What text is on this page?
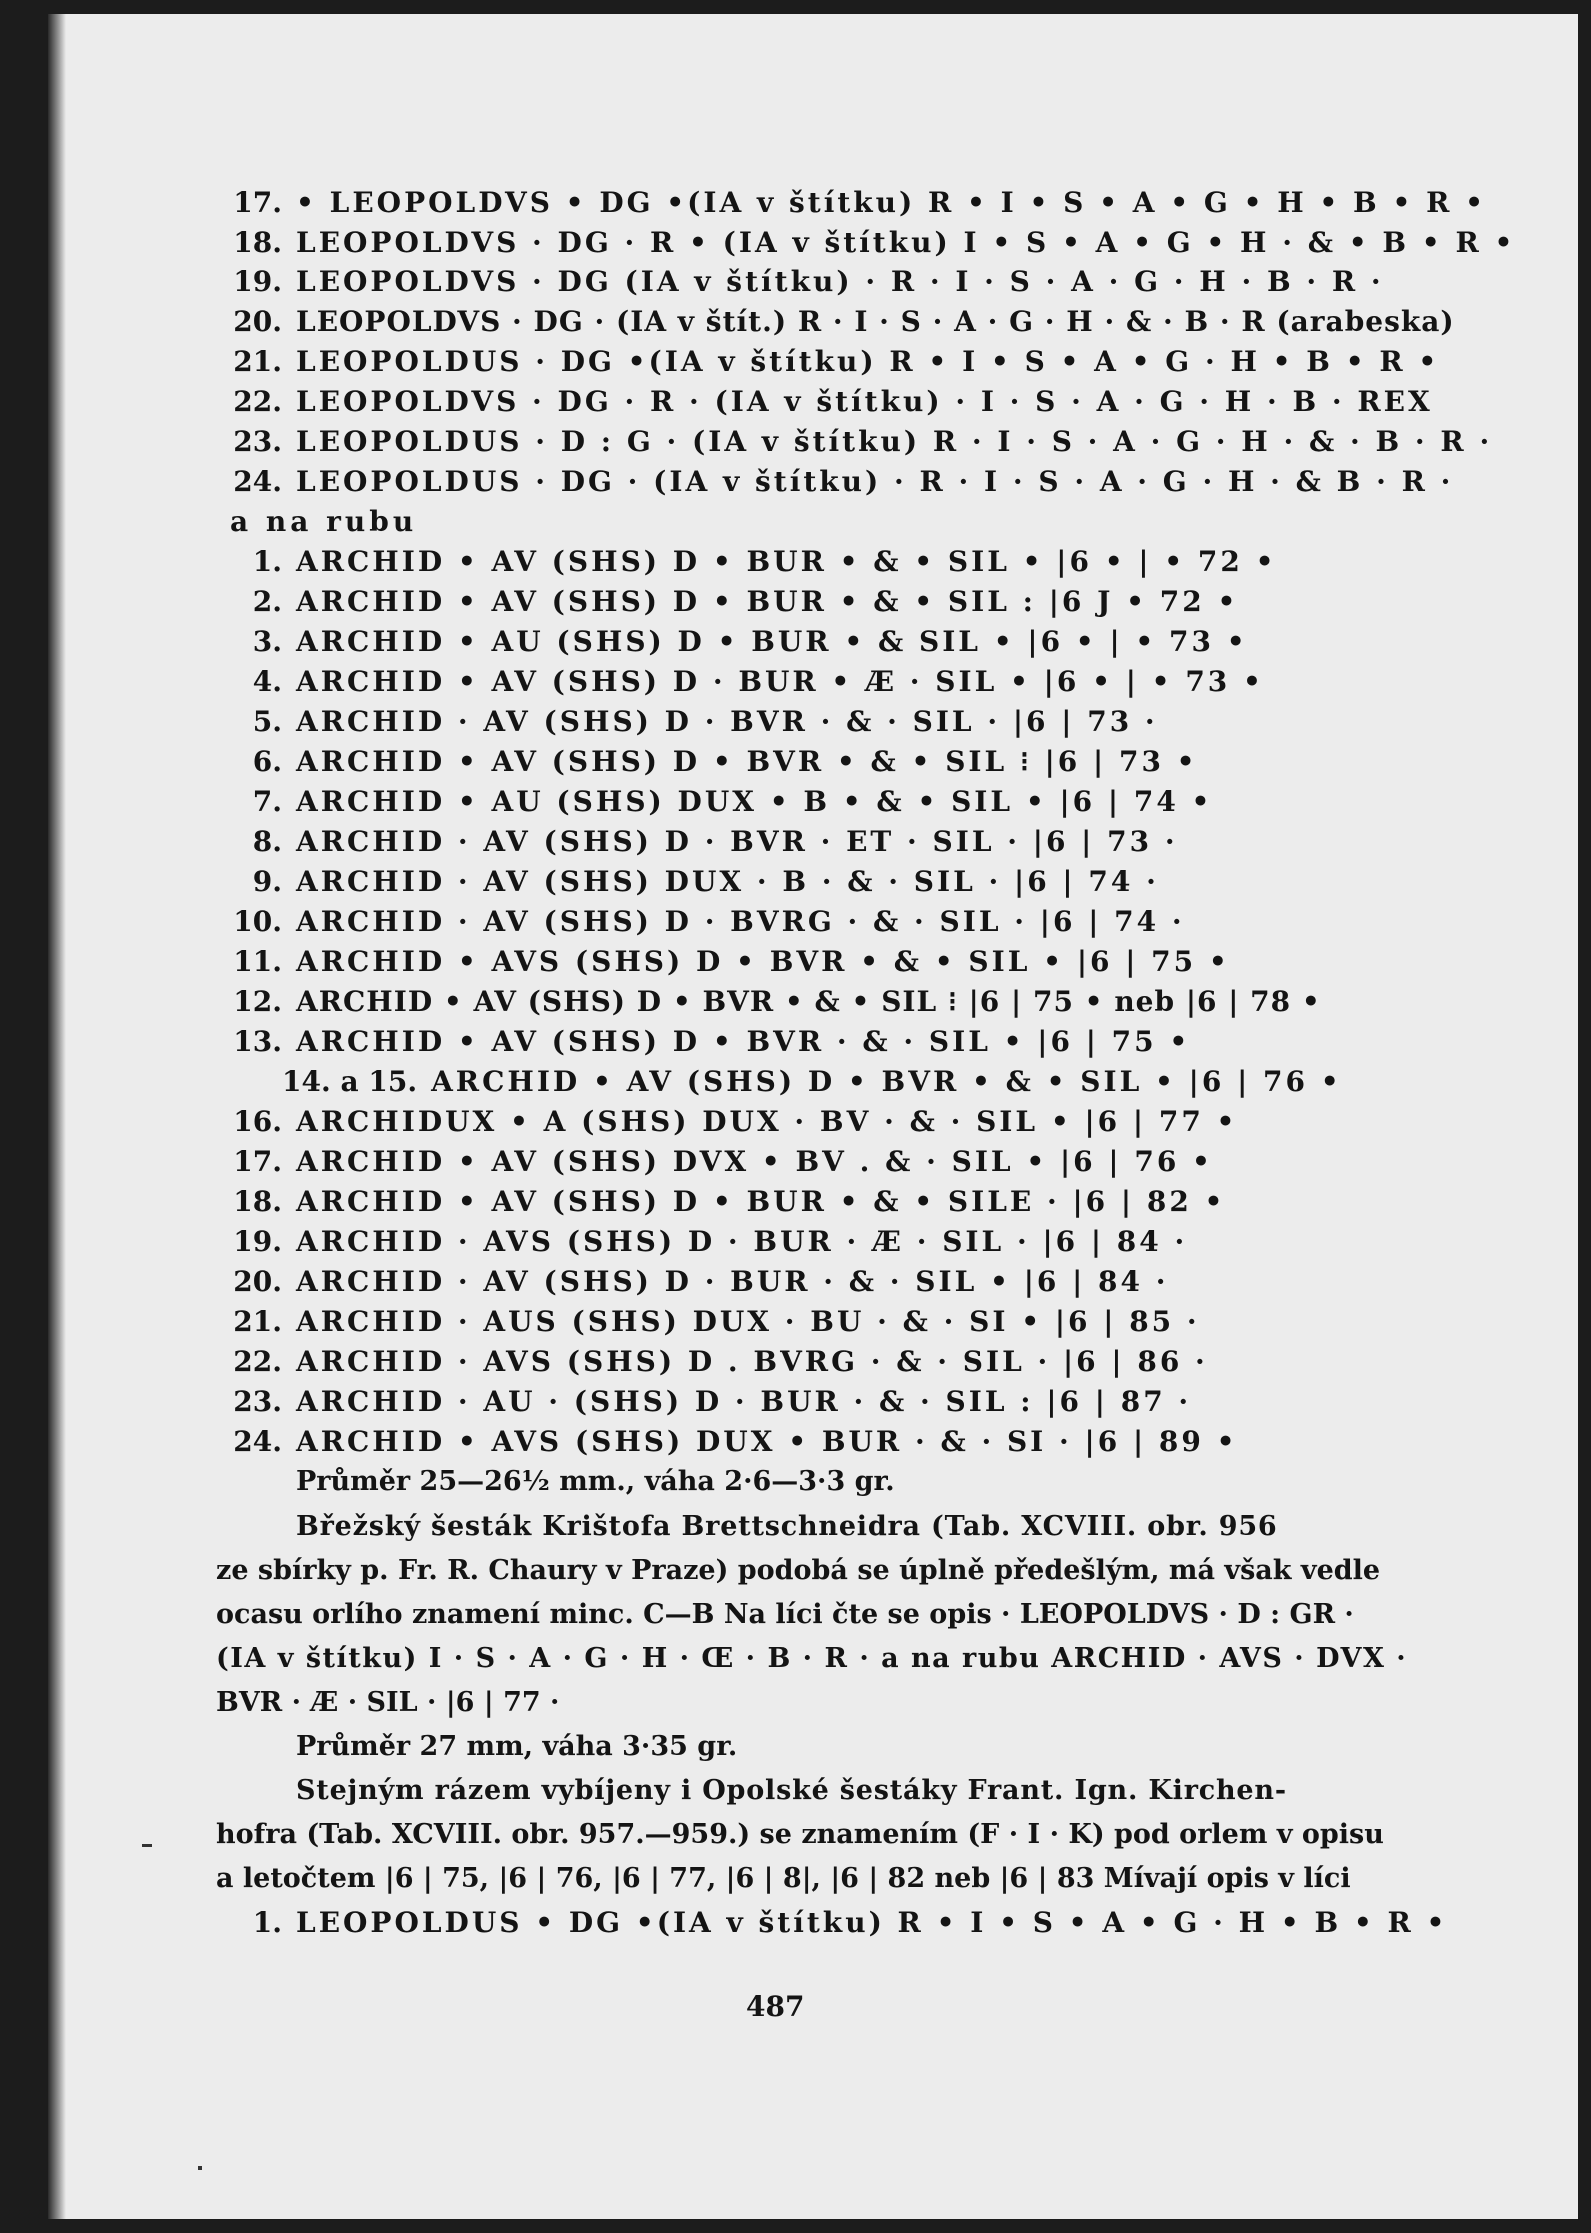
17. • LEOPOLDVS • DG •(IA v štítku) R • I • S • A • G • H • B • R •
18. LEOPOLDVS · DG · R • (IA v štítku) I • S • A • G • H · & • B • R •
19. LEOPOLDVS · DG (IA v štítku) · R · I · S · A · G · H · B · R ·
20. LEOPOLDVS · DG · (IA v štít.) R · I · S · A · G · H · & · B · R (arabeska)
21. LEOPOLDUS · DG •(IA v štítku) R • I • S • A • G · H • B • R •
22. LEOPOLDVS · DG · R · (IA v štítku) · I · S · A · G · H · B · REX
23. LEOPOLDUS · D : G · (IA v štítku) R · I · S · A · G · H · & · B · R ·
24. LEOPOLDUS · DG · (IA v štítku) · R · I · S · A · G · H · & B · R ·
a na rubu
1. ARCHID • AV (SHS) D • BUR • & • SIL • |6 • | • 72 •
2. ARCHID • AV (SHS) D • BUR • & • SIL : |6 J • 72 •
3. ARCHID • AU (SHS) D • BUR • & SIL • |6 • | • 73 •
4. ARCHID • AV (SHS) D · BUR • Æ · SIL • |6 • | • 73 •
5. ARCHID · AV (SHS) D · BVR · & · SIL · |6 | 73 ·
6. ARCHID • AV (SHS) D • BVR • & • SIL ⁝ |6 | 73 •
7. ARCHID • AU (SHS) DUX • B • & • SIL • |6 | 74 •
8. ARCHID · AV (SHS) D · BVR · ET · SIL · |6 | 73 ·
9. ARCHID · AV (SHS) DUX · B · & · SIL · |6 | 74 ·
10. ARCHID · AV (SHS) D · BVRG · & · SIL · |6 | 74 ·
11. ARCHID • AVS (SHS) D • BVR • & • SIL • |6 | 75 •
12. ARCHID • AV (SHS) D • BVR • & • SIL ⁝ |6 | 75 • neb |6 | 78 •
13. ARCHID • AV (SHS) D • BVR · & · SIL • |6 | 75 •
14. a 15. ARCHID • AV (SHS) D • BVR • & • SIL • |6 | 76 •
16. ARCHIDUX • A (SHS) DUX · BV · & · SIL • |6 | 77 •
17. ARCHID • AV (SHS) DVX • BV . & · SIL • |6 | 76 •
18. ARCHID • AV (SHS) D • BUR • & • SILE · |6 | 82 •
19. ARCHID · AVS (SHS) D · BUR · Æ · SIL · |6 | 84 ·
20. ARCHID · AV (SHS) D · BUR · & · SIL • |6 | 84 ·
21. ARCHID · AUS (SHS) DUX · BU · & · SI • |6 | 85 ·
22. ARCHID · AVS (SHS) D . BVRG · & · SIL · |6 | 86 ·
23. ARCHID · AU · (SHS) D · BUR · & · SIL : |6 | 87 ·
24. ARCHID • AVS (SHS) DUX • BUR · & · SI · |6 | 89 •
Průměr 25—26½ mm., váha 2·6—3·3 gr.
Břežský šesták Krištofa Brettschneidra (Tab. XCVIII. obr. 956
ze sbírky p. Fr. R. Chaury v Praze) podobá se úplně předešlým, má však vedle
ocasu orlího znamení minc. C—B Na líci čte se opis · LEOPOLDVS · D : GR ·
(IA v štítku) I · S · A · G · H · Œ · B · R · a na rubu ARCHID · AVS · DVX ·
BVR · Æ · SIL · |6 | 77 ·
Průměr 27 mm, váha 3·35 gr.
Stejným rázem vybíjeny i Opolské šestáky Frant. Ign. Kirchen-
hofra (Tab. XCVIII. obr. 957.—959.) se znamením (F · I · K) pod orlem v opisu
a letočtem |6 | 75, |6 | 76, |6 | 77, |6 | 8|, |6 | 82 neb |6 | 83 Mívají opis v líci
1. LEOPOLDUS • DG •(IA v štítku) R • I • S • A • G · H • B • R •
487
